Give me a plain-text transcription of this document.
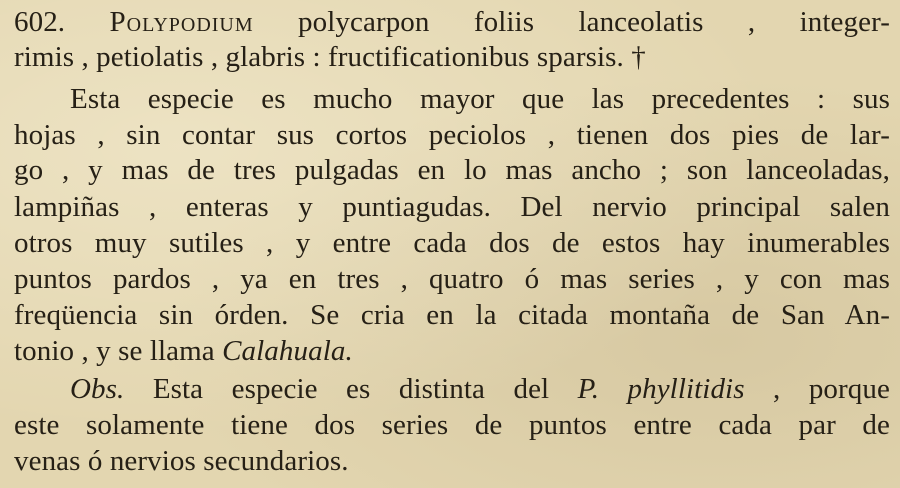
602. Polypodium polycarpon foliis lanceolatis , integer-
rimis , petiolatis , glabris : fructificationibus sparsis. †
Esta especie es mucho mayor que las precedentes : sus
hojas , sin contar sus cortos peciolos , tienen dos pies de lar-
go , y mas de tres pulgadas en lo mas ancho ; son lanceoladas,
lampiñas , enteras y puntiagudas. Del nervio principal salen
otros muy sutiles , y entre cada dos de estos hay inumerables
puntos pardos , ya en tres , quatro ó mas series , y con mas
freqüencia sin órden. Se cria en la citada montaña de San An-
tonio , y se llama Calahuala.
Obs. Esta especie es distinta del P. phyllitidis , porque
este solamente tiene dos series de puntos entre cada par de
venas ó nervios secundarios.
